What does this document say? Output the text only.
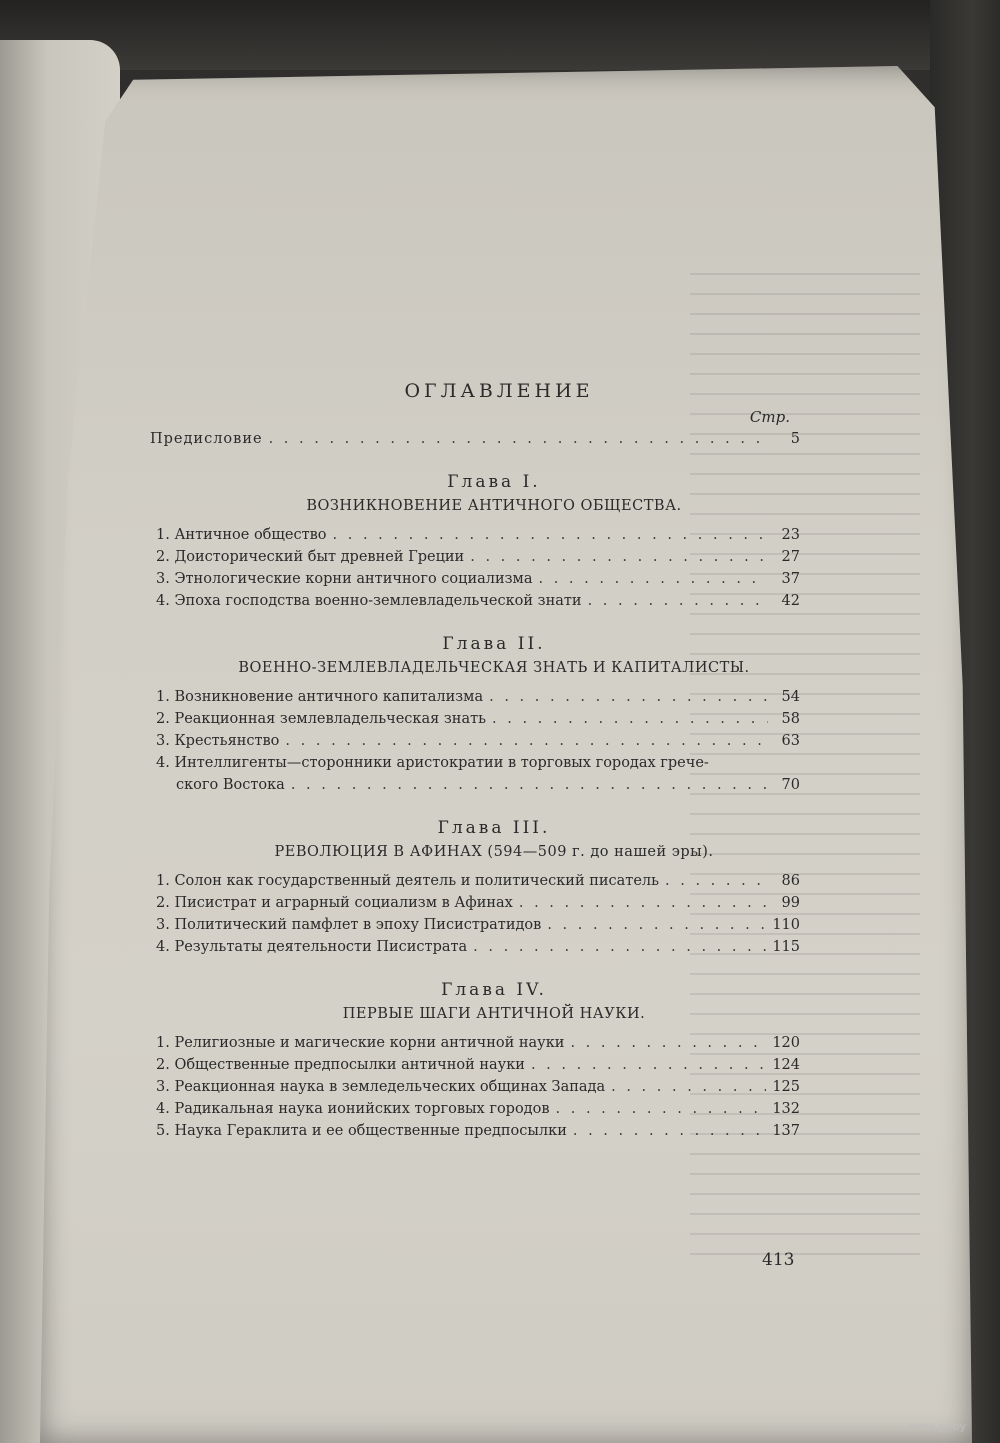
ОГЛАВЛЕНИЕ
Стр.
Предисловие . . .	5
Глава I.
ВОЗНИКНОВЕНИЕ АНТИЧНОГО ОБЩЕСТВА.
1. Античное общество . . .	23
2. Доисторический быт древней Греции . . .	27
3. Этнологические корни античного социализма . . .	37
4. Эпоха господства военно-землевладельческой знати . . .	42
Глава II.
ВОЕННО-ЗЕМЛЕВЛАДЕЛЬЧЕСКАЯ ЗНАТЬ И КАПИТАЛИСТЫ.
1. Возникновение античного капитализма . . .	54
2. Реакционная землевладельческая знать . . .	58
3. Крестьянство . . .	63
4. Интеллигенты—сторонники аристократии в торговых городах грече-
ского Востока . . .	70
Глава III.
РЕВОЛЮЦИЯ В АФИНАХ (594—509 г. до нашей эры).
1. Солон как государственный деятель и политический писатель . . .	86
2. Писистрат и аграрный социализм в Афинах . . .	99
3. Политический памфлет в эпоху Писистратидов . . .	110
4. Результаты деятельности Писистрата . . .	115
Глава IV.
ПЕРВЫЕ ШАГИ АНТИЧНОЙ НАУКИ.
1. Религиозные и магические корни античной науки . . .	120
2. Общественные предпосылки античной науки . . .	124
3. Реакционная наука в земледельческих общинах Запада . . .	125
4. Радикальная наука ионийских торговых городов . . .	132
5. Наука Гераклита и ее общественные предпосылки . . .	137
413
www.ay.by
